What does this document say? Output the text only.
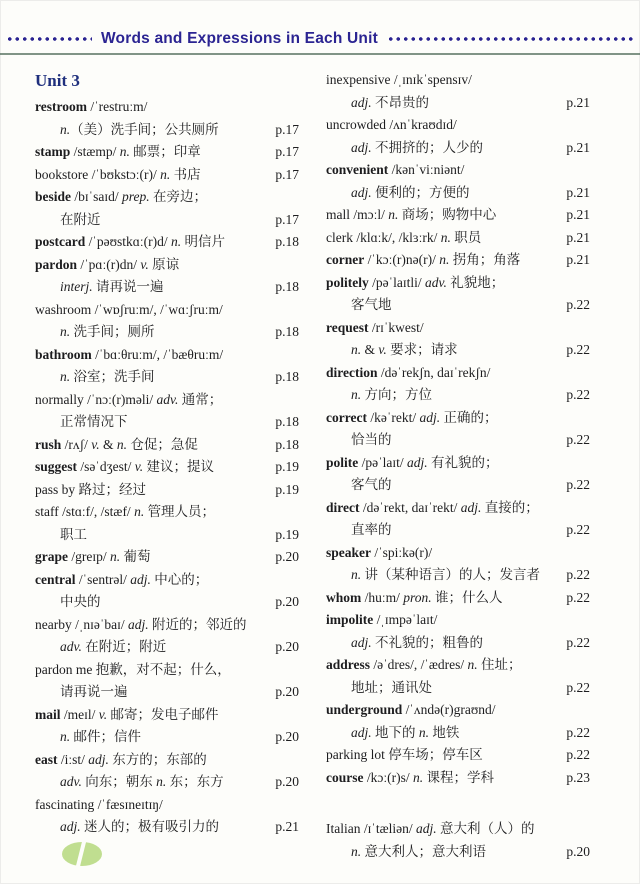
Words and Expressions in Each Unit
Unit 3
restroom /ˈrestruːm/
n.（美）洗手间；公共厕所	p.17
stamp /stæmp/ n. 邮票；印章	p.17
bookstore /ˈbʊkstɔː(r)/ n. 书店	p.17
beside /bɪˈsaɪd/ prep. 在旁边；
在附近	p.17
postcard /ˈpəʊstkɑː(r)d/ n. 明信片	p.18
pardon /ˈpɑː(r)dn/ v. 原谅
interj. 请再说一遍	p.18
washroom /ˈwɒʃruːm/, /ˈwɑːʃruːm/
n. 洗手间；厕所	p.18
bathroom /ˈbɑːθruːm/, /ˈbæθruːm/
n. 浴室；洗手间	p.18
normally /ˈnɔː(r)məli/ adv. 通常；
正常情况下	p.18
rush /rʌʃ/ v. & n. 仓促；急促	p.18
suggest /səˈdʒest/ v. 建议；提议	p.19
pass by 路过；经过	p.19
staff /stɑːf/, /stæf/ n. 管理人员；
职工	p.19
grape /greɪp/ n. 葡萄	p.20
central /ˈsentrəl/ adj. 中心的；
中央的	p.20
nearby /ˌnɪəˈbaɪ/ adj. 附近的；邻近的
adv. 在附近；附近	p.20
pardon me 抱歉，对不起；什么，
请再说一遍	p.20
mail /meɪl/ v. 邮寄；发电子邮件
n. 邮件；信件	p.20
east /iːst/ adj. 东方的；东部的
adv. 向东；朝东 n. 东；东方	p.20
fascinating /ˈfæsɪneɪtɪŋ/
adj. 迷人的；极有吸引力的	p.21
inexpensive /ˌɪnɪkˈspensɪv/
adj. 不昂贵的	p.21
uncrowded /ʌnˈkraʊdɪd/
adj. 不拥挤的；人少的	p.21
convenient /kənˈviːniənt/
adj. 便利的；方便的	p.21
mall /mɔːl/ n. 商场；购物中心	p.21
clerk /klɑːk/, /klɜːrk/ n. 职员	p.21
corner /ˈkɔː(r)nə(r)/ n. 拐角；角落	p.21
politely /pəˈlaɪtli/ adv. 礼貌地；
客气地	p.22
request /rɪˈkwest/
n. & v. 要求；请求	p.22
direction /dəˈrekʃn, daɪˈrekʃn/
n. 方向；方位	p.22
correct /kəˈrekt/ adj. 正确的；
恰当的	p.22
polite /pəˈlaɪt/ adj. 有礼貌的；
客气的	p.22
direct /dəˈrekt, daɪˈrekt/ adj. 直接的；
直率的	p.22
speaker /ˈspiːkə(r)/
n. 讲（某种语言）的人；发言者 p.22
whom /huːm/ pron. 谁；什么人	p.22
impolite /ˌɪmpəˈlaɪt/
adj. 不礼貌的；粗鲁的	p.22
address /əˈdres/, /ˈædres/ n. 住址；
地址；通讯处	p.22
underground /ˈʌndə(r)graʊnd/
adj. 地下的 n. 地铁	p.22
parking lot 停车场；停车区	p.22
course /kɔː(r)s/ n. 课程；学科	p.23
Italian /ɪˈtæliən/ adj. 意大利（人）的
n. 意大利人；意大利语	p.20
